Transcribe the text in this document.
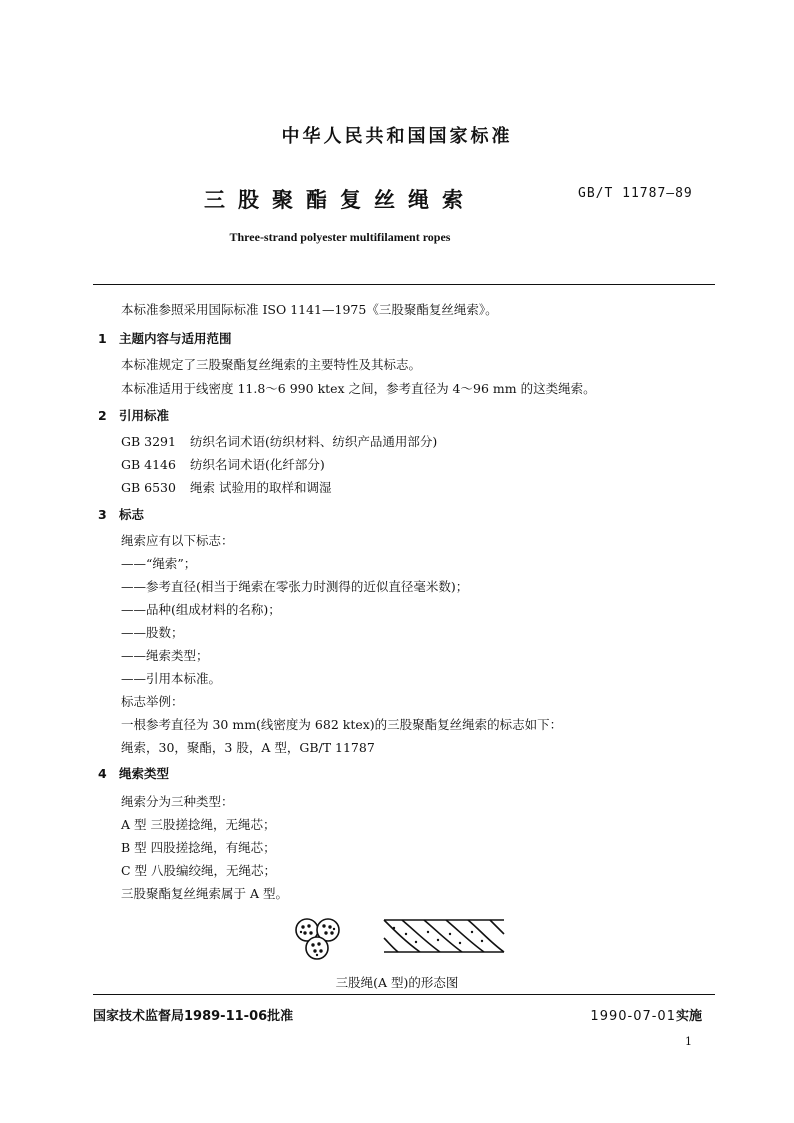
中华人民共和国国家标准
三股聚酯复丝绳索	GB/T 11787—89
Three-strand polyester multifilament ropes
本标准参照采用国际标准 ISO 1141—1975《三股聚酯复丝绳索》。
1 主题内容与适用范围
本标准规定了三股聚酯复丝绳索的主要特性及其标志。
本标准适用于线密度 11.8～6 990 ktex 之间，参考直径为 4～96 mm 的这类绳索。
2 引用标准
GB 3291	纺织名词术语(纺织材料、纺织产品通用部分)
GB 4146	纺织名词术语(化纤部分)
GB 6530	绳索 试验用的取样和调湿
3 标志
绳索应有以下标志：
——“绳索”；
——参考直径(相当于绳索在零张力时测得的近似直径毫米数)；
——品种(组成材料的名称)；
——股数；
——绳索类型；
——引用本标准。
标志举例：
一根参考直径为 30 mm(线密度为 682 ktex)的三股聚酯复丝绳索的标志如下：
绳索，30，聚酯，3 股，A 型，GB/T 11787
4 绳索类型
绳索分为三种类型：
A 型 三股搓捻绳，无绳芯；
B 型 四股搓捻绳，有绳芯；
C 型 八股编绞绳，无绳芯；
三股聚酯复丝绳索属于 A 型。
三股绳(A 型)的形态图
国家技术监督局1989-11-06批准	1990-07-01实施
1
